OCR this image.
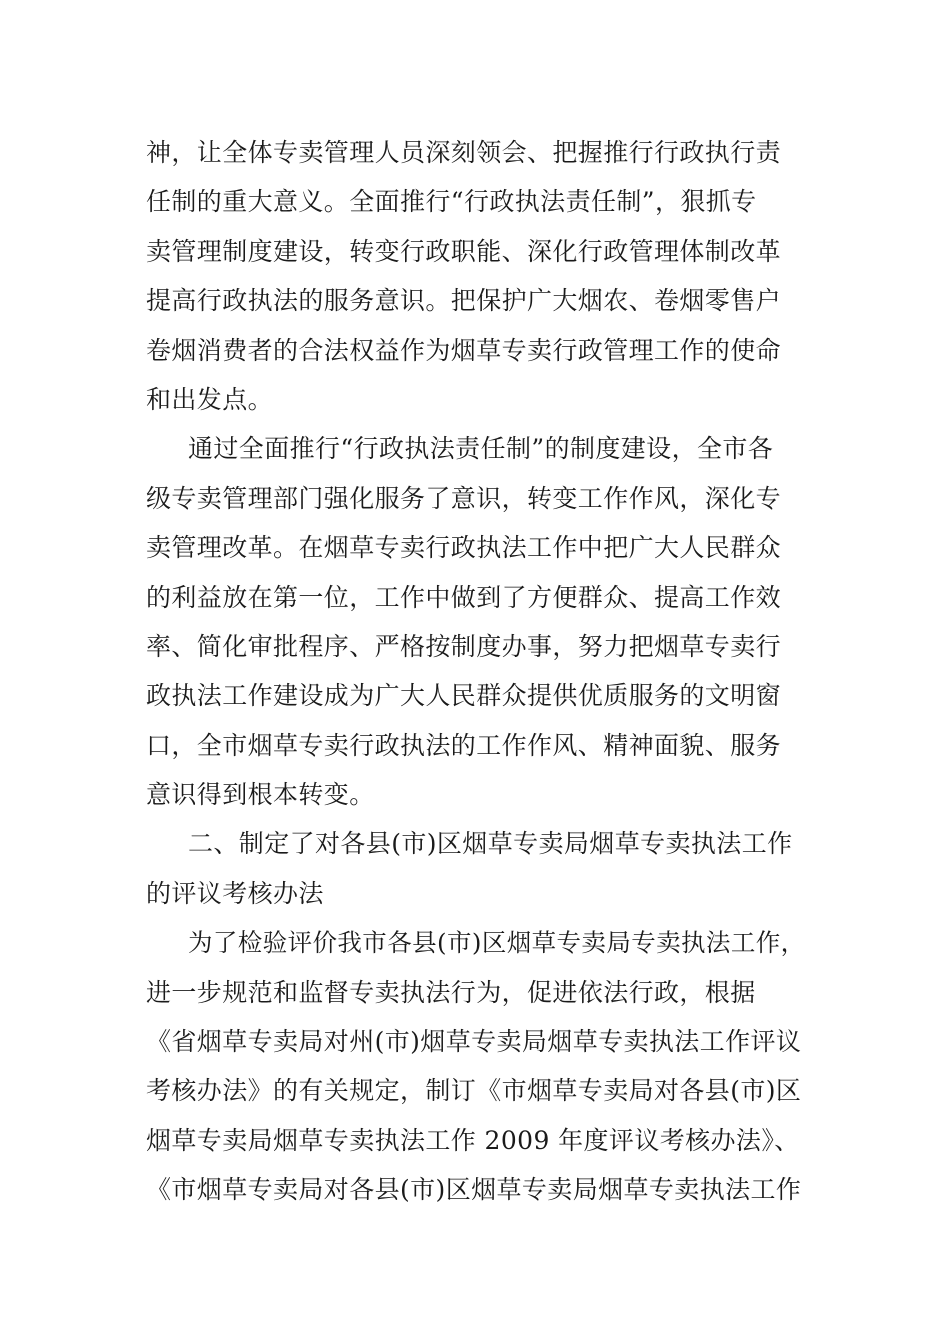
神，让全体专卖管理人员深刻领会、把握推行行政执行责
任制的重大意义。全面推行“行政执法责任制”，狠抓专
卖管理制度建设，转变行政职能、深化行政管理体制改革
提高行政执法的服务意识。把保护广大烟农、卷烟零售户
卷烟消费者的合法权益作为烟草专卖行政管理工作的使命
和出发点。
通过全面推行“行政执法责任制”的制度建设，全市各
级专卖管理部门强化服务了意识，转变工作作风，深化专
卖管理改革。在烟草专卖行政执法工作中把广大人民群众
的利益放在第一位，工作中做到了方便群众、提高工作效
率、简化审批程序、严格按制度办事，努力把烟草专卖行
政执法工作建设成为广大人民群众提供优质服务的文明窗
口，全市烟草专卖行政执法的工作作风、精神面貌、服务
意识得到根本转变。
二、制定了对各县(市)区烟草专卖局烟草专卖执法工作
的评议考核办法
为了检验评价我市各县(市)区烟草专卖局专卖执法工作，
进一步规范和监督专卖执法行为，促进依法行政，根据
《省烟草专卖局对州(市)烟草专卖局烟草专卖执法工作评议
考核办法》的有关规定，制订《市烟草专卖局对各县(市)区
烟草专卖局烟草专卖执法工作 2009 年度评议考核办法》、
《市烟草专卖局对各县(市)区烟草专卖局烟草专卖执法工作
